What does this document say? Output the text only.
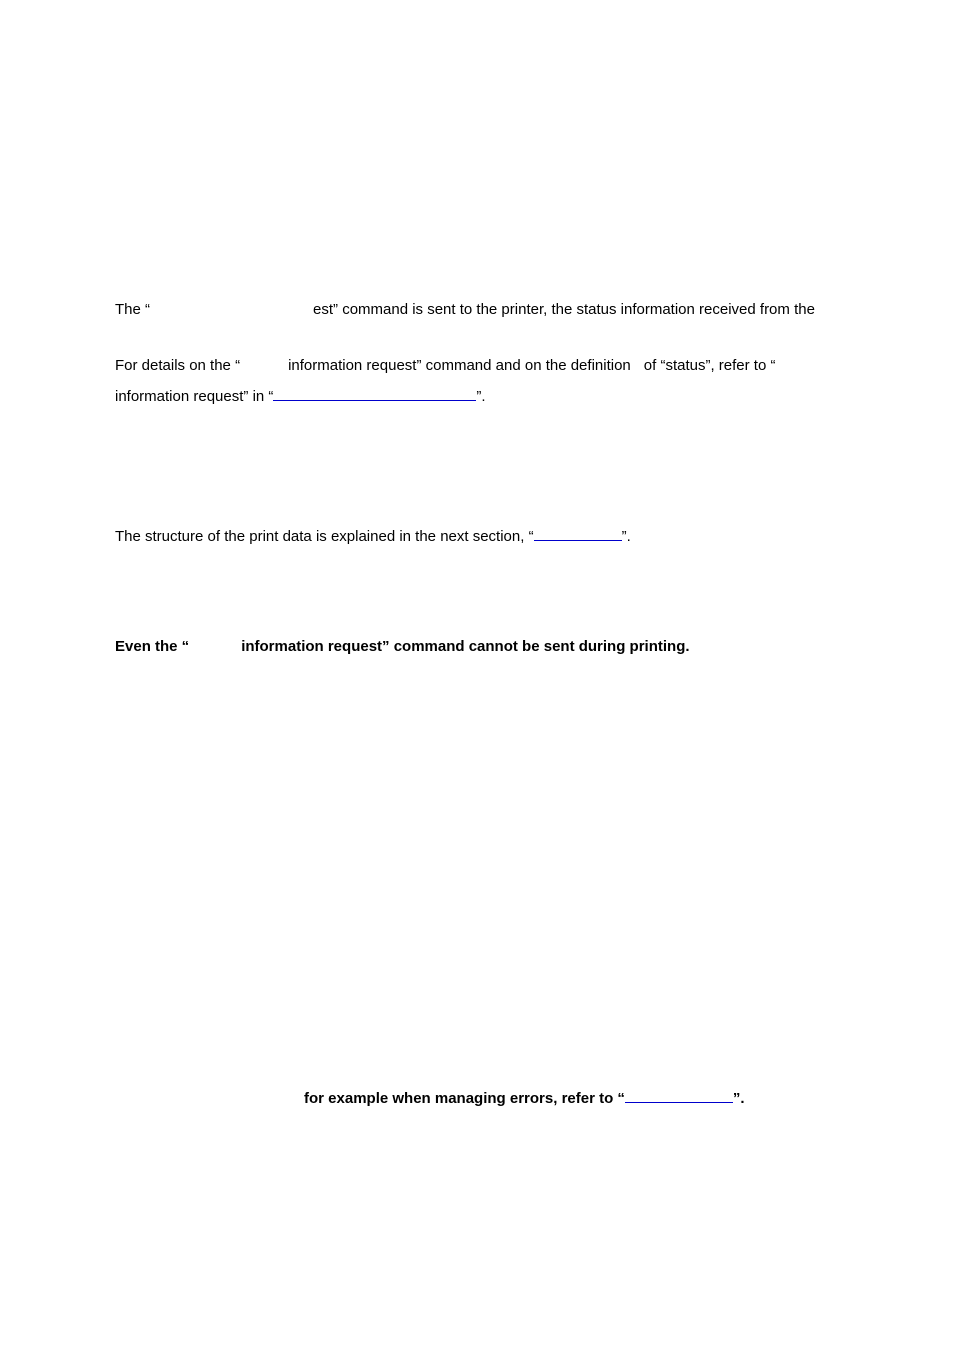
The “	est” command is sent to the printer, the status information received from the
For details on the “	information request” command and on the definition of “status”, refer to “
information request” in “	”.
The structure of the print data is explained in the next section, “	”.
Even the “	information request” command cannot be sent during printing.
for example when managing errors, refer to “	”.
